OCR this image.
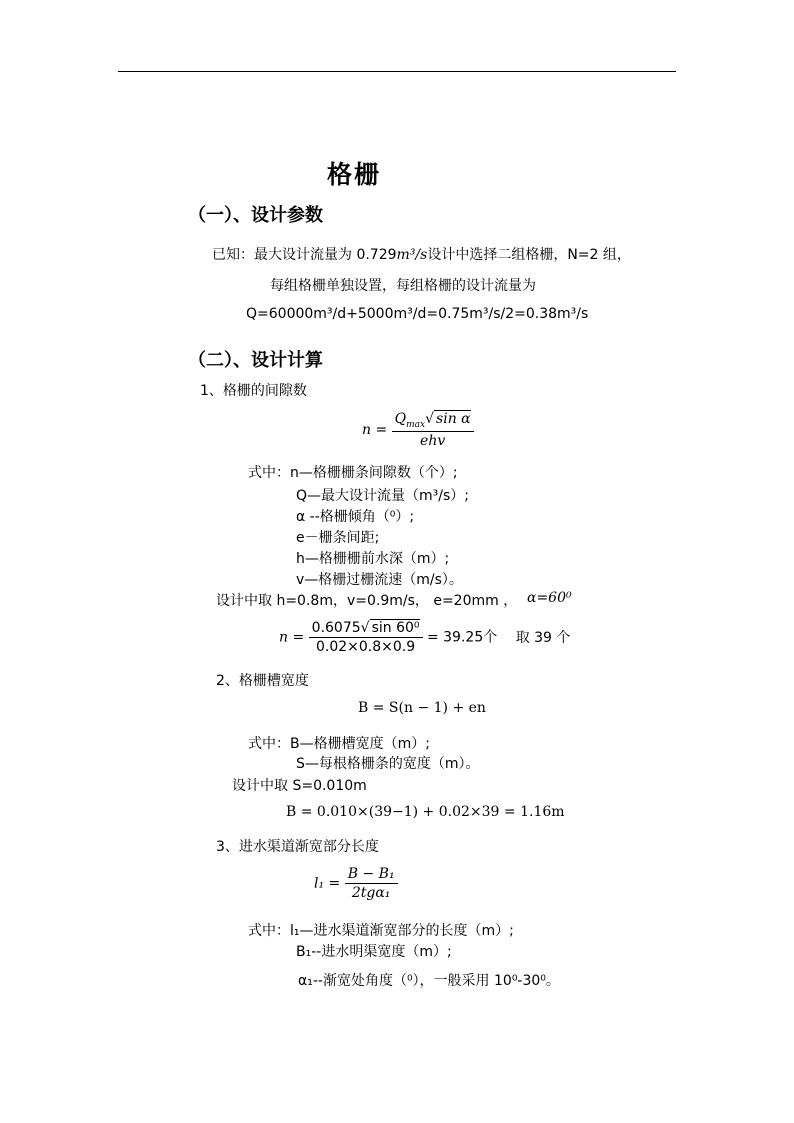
格栅
（一）、设计参数
已知：最大设计流量为 0.729m³/s设计中选择二组格栅，N=2 组，
每组格栅单独设置，每组格栅的设计流量为
Q=60000m³/d+5000m³/d=0.75m³/s/2=0.38m³/s
（二）、设计计算
1、格栅的间隙数
$n = \frac{Q_{max}√ \sin \alpha}{\text{ehv}}$
式中：n—格栅栅条间隙数（个）;
Q—最大设计流量（m³/s）;
α --格栅倾角（⁰）;
e－栅条间距;
h—格栅栅前水深（m）;
v—格栅过栅流速（m/s）。
设计中取 h=0.8m，v=0.9m/s， e=20mm ， α=60⁰
$n = \frac{\text{0.6075√ sin 60⁰}}{0.02\times 0.8\times 0.9} = 39.25$个 取 39 个
2、格栅槽宽度
B = S(n − 1) + en
式中：B—格栅槽宽度（m）;
S—每根格栅条的宽度（m）。
设计中取 S=0.010m
B = 0.010×(39−1) + 0.02×39 = 1.16m
3、进水渠道渐宽部分长度
$l_1 = \frac{\text{B − B₁}}{\text{2tgα₁}}$
式中：l₁—进水渠道渐宽部分的长度（m）;
B₁--进水明渠宽度（m）;
α₁--渐宽处角度（⁰），一般采用 10⁰-30⁰。
